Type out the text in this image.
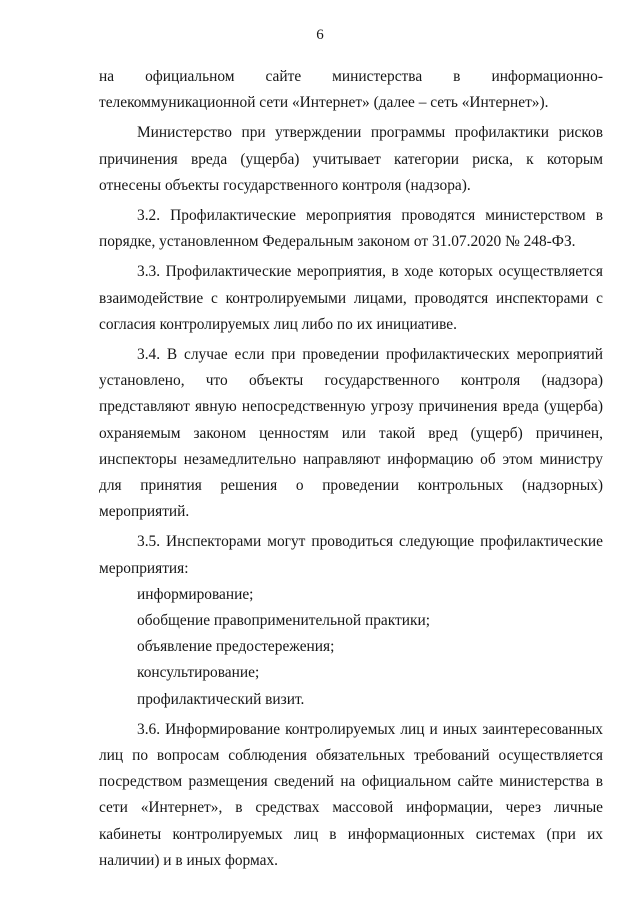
6

на официальном сайте министерства в информационно-телекоммуникационной сети «Интернет» (далее – сеть «Интернет»).

Министерство при утверждении программы профилактики рисков причинения вреда (ущерба) учитывает категории риска, к которым отнесены объекты государственного контроля (надзора).

3.2. Профилактические мероприятия проводятся министерством в порядке, установленном Федеральным законом от 31.07.2020 № 248-ФЗ.

3.3. Профилактические мероприятия, в ходе которых осуществляется взаимодействие с контролируемыми лицами, проводятся инспекторами с согласия контролируемых лиц либо по их инициативе.

3.4. В случае если при проведении профилактических мероприятий установлено, что объекты государственного контроля (надзора) представляют явную непосредственную угрозу причинения вреда (ущерба) охраняемым законом ценностям или такой вред (ущерб) причинен, инспекторы незамедлительно направляют информацию об этом министру для принятия решения о проведении контрольных (надзорных) мероприятий.

3.5. Инспекторами могут проводиться следующие профилактические мероприятия:

информирование;

обобщение правоприменительной практики;

объявление предостережения;

консультирование;

профилактический визит.

3.6. Информирование контролируемых лиц и иных заинтересованных лиц по вопросам соблюдения обязательных требований осуществляется посредством размещения сведений на официальном сайте министерства в сети «Интернет», в средствах массовой информации, через личные кабинеты контролируемых лиц в информационных системах (при их наличии) и в иных формах.
